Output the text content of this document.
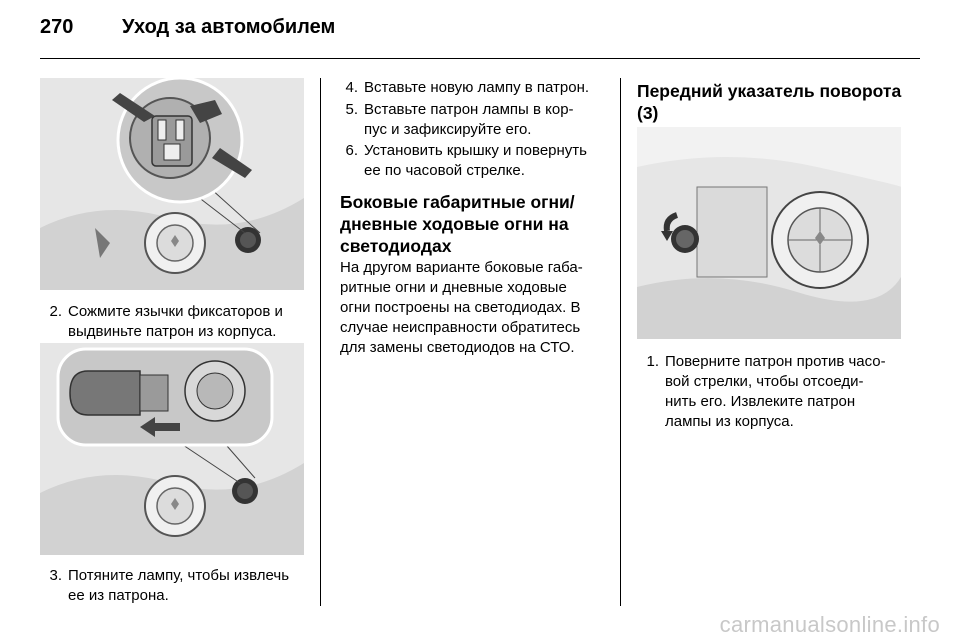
270	Уход за автомобилем
2. Сожмите язычки фиксаторов и
выдвиньте патрон из корпуса.
3. Потяните лампу, чтобы извлечь
ее из патрона.
4. Вставьте новую лампу в патрон.
5. Вставьте патрон лампы в кор-
пус и зафиксируйте его.
6. Установить крышку и повернуть
ее по часовой стрелке.
Боковые габаритные огни/
дневные ходовые огни на
светодиодах
На другом варианте боковые габа-
ритные огни и дневные ходовые
огни построены на светодиодах. В
случае неисправности обратитесь
для замены светодиодов на СТО.
Передний указатель поворота
(3)
1. Поверните патрон против часо-
вой стрелки, чтобы отсоеди-
нить его. Извлеките патрон
лампы из корпуса.
carmanualsonline.info
